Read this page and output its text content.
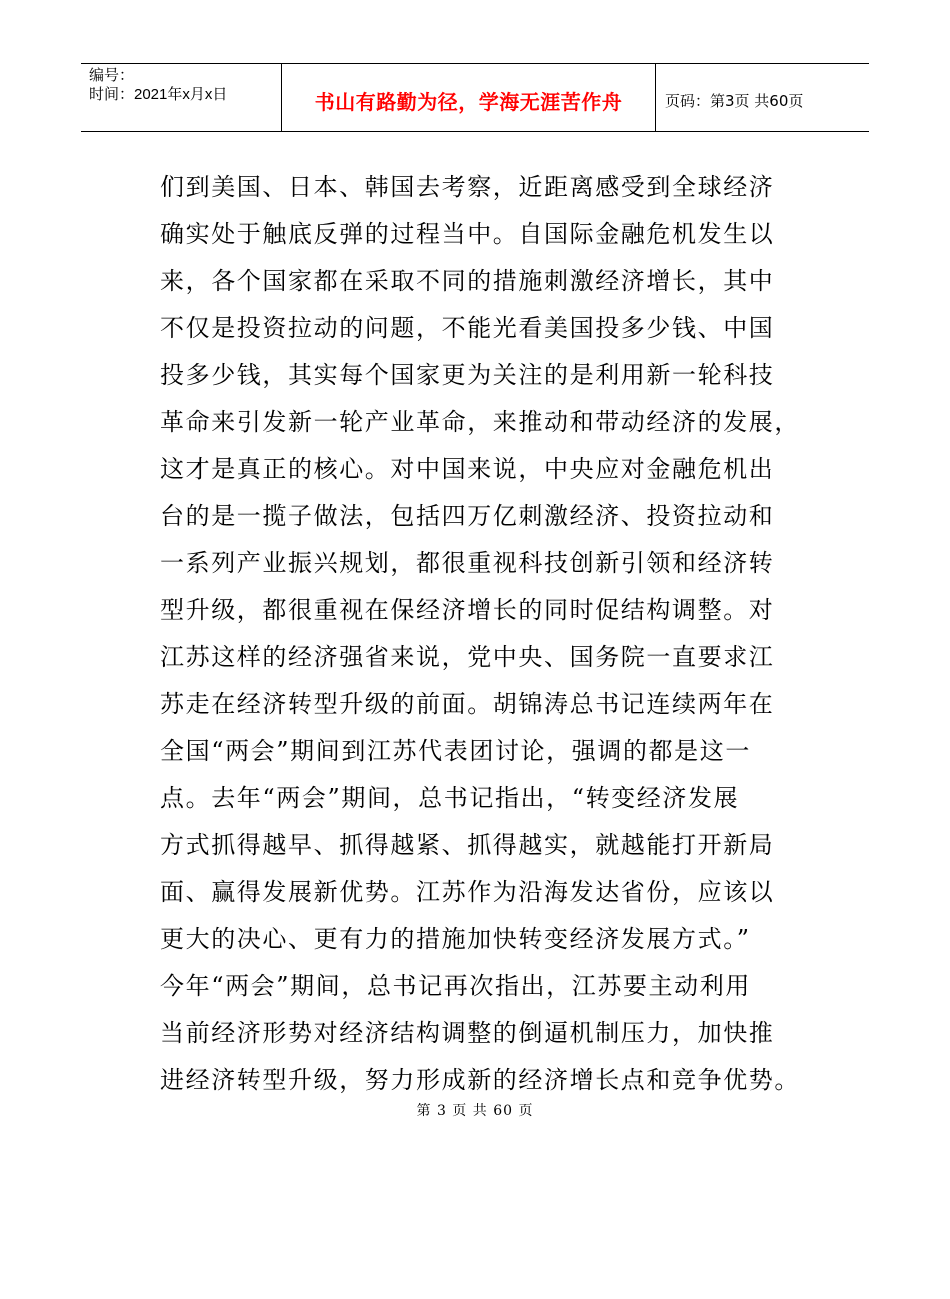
编号：
时间：2021年x月x日	书山有路勤为径，学海无涯苦作舟	页码：第3页 共60页
们到美国、日本、韩国去考察，近距离感受到全球经济
确实处于触底反弹的过程当中。自国际金融危机发生以
来，各个国家都在采取不同的措施刺激经济增长，其中
不仅是投资拉动的问题，不能光看美国投多少钱、中国
投多少钱，其实每个国家更为关注的是利用新一轮科技
革命来引发新一轮产业革命，来推动和带动经济的发展，
这才是真正的核心。对中国来说，中央应对金融危机出
台的是一揽子做法，包括四万亿刺激经济、投资拉动和
一系列产业振兴规划，都很重视科技创新引领和经济转
型升级，都很重视在保经济增长的同时促结构调整。对
江苏这样的经济强省来说，党中央、国务院一直要求江
苏走在经济转型升级的前面。胡锦涛总书记连续两年在
全国“两会”期间到江苏代表团讨论，强调的都是这一
点。去年“两会”期间，总书记指出，“转变经济发展
方式抓得越早、抓得越紧、抓得越实，就越能打开新局
面、赢得发展新优势。江苏作为沿海发达省份，应该以
更大的决心、更有力的措施加快转变经济发展方式。”
今年“两会”期间，总书记再次指出，江苏要主动利用
当前经济形势对经济结构调整的倒逼机制压力，加快推
进经济转型升级，努力形成新的经济增长点和竞争优势。
第 3 页 共 60 页
